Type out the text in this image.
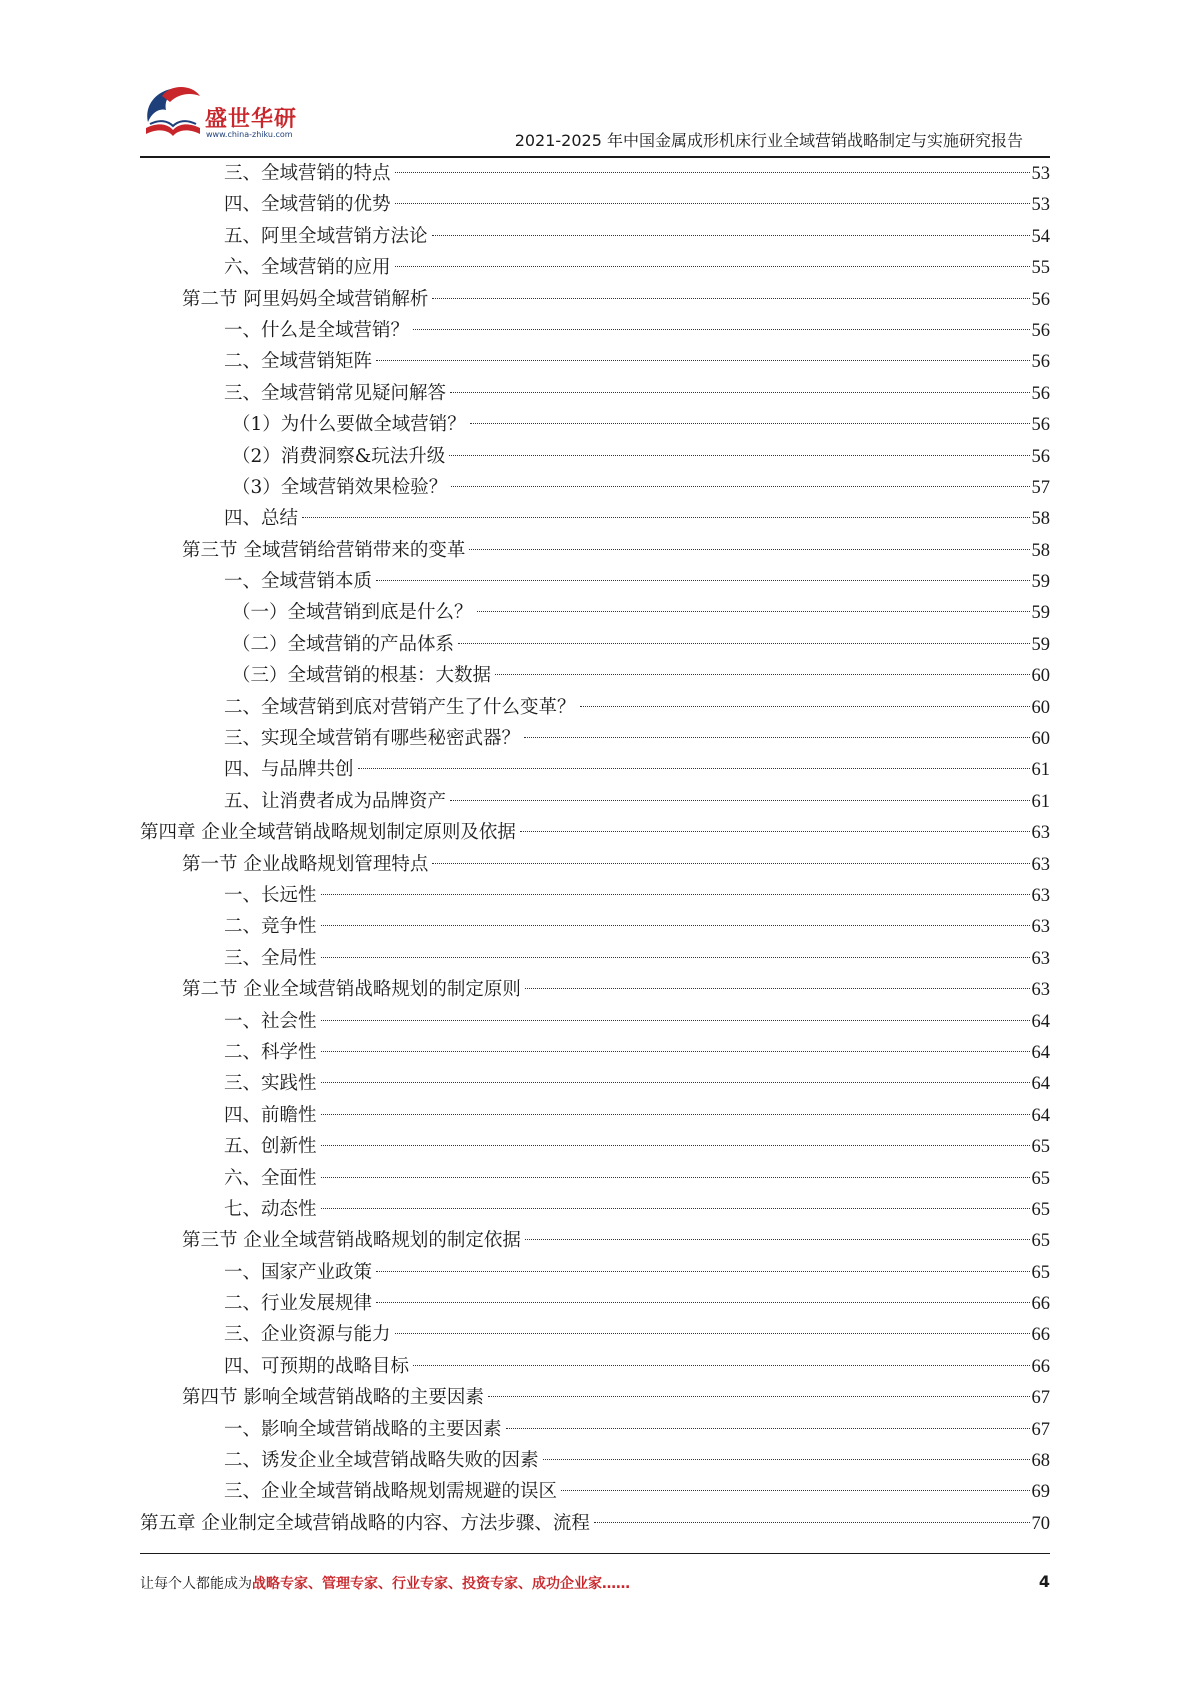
盛世华研
www.china-zhiku.com	2021-2025 年中国金属成形机床行业全域营销战略制定与实施研究报告
三、全域营销的特点	53
四、全域营销的优势	53
五、阿里全域营销方法论	54
六、全域营销的应用	55
第二节 阿里妈妈全域营销解析	56
一、什么是全域营销？	56
二、全域营销矩阵	56
三、全域营销常见疑问解答	56
（1）为什么要做全域营销？	56
（2）消费洞察&玩法升级	56
（3）全域营销效果检验？	57
四、总结	58
第三节 全域营销给营销带来的变革	58
一、全域营销本质	59
（一）全域营销到底是什么？	59
（二）全域营销的产品体系	59
（三）全域营销的根基：大数据	60
二、全域营销到底对营销产生了什么变革？	60
三、实现全域营销有哪些秘密武器？	60
四、与品牌共创	61
五、让消费者成为品牌资产	61
第四章 企业全域营销战略规划制定原则及依据	63
第一节 企业战略规划管理特点	63
一、长远性	63
二、竞争性	63
三、全局性	63
第二节 企业全域营销战略规划的制定原则	63
一、社会性	64
二、科学性	64
三、实践性	64
四、前瞻性	64
五、创新性	65
六、全面性	65
七、动态性	65
第三节 企业全域营销战略规划的制定依据	65
一、国家产业政策	65
二、行业发展规律	66
三、企业资源与能力	66
四、可预期的战略目标	66
第四节 影响全域营销战略的主要因素	67
一、影响全域营销战略的主要因素	67
二、诱发企业全域营销战略失败的因素	68
三、企业全域营销战略规划需规避的误区	69
第五章 企业制定全域营销战略的内容、方法步骤、流程	70
让每个人都能成为战略专家、管理专家、行业专家、投资专家、成功企业家……	4
